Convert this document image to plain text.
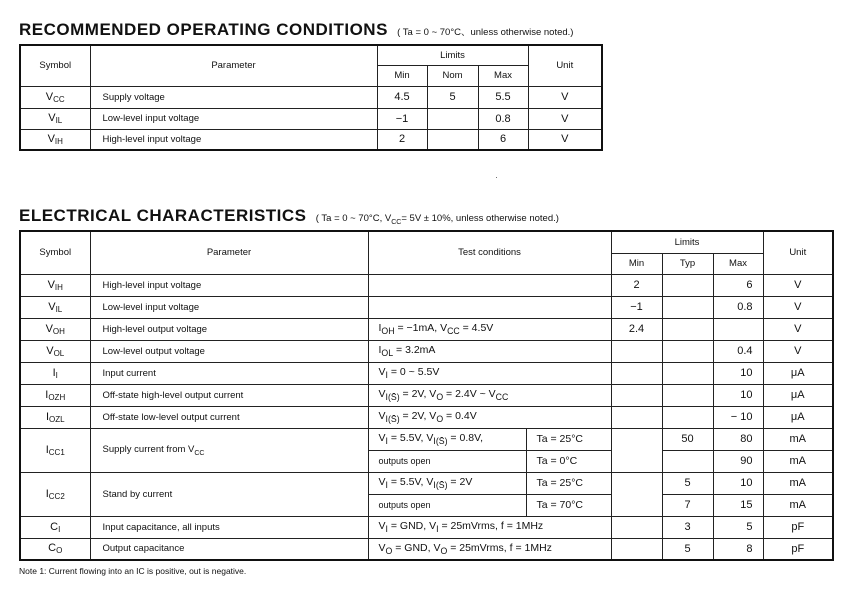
RECOMMENDED OPERATING CONDITIONS ( Ta = 0 ~ 70°C、unless otherwise noted.)
Symbol	Parameter	Limits			Unit
		Min	Nom	Max	
$V_{CC}$	Supply voltage	4.5	5	5.5	V
$V_{IL}$	Low-level input voltage	−1		0.8	V
$V_{IH}$	High-level input voltage	2		6	V
·
ELECTRICAL CHARACTERISTICS ( Ta = 0 ~ 70°C, $V_{CC}= 5V \pm 10\%$, unless otherwise noted.)
Symbol	Parameter	Test conditions		Limits			Unit
				Min	Typ	Max	
$V_{IH}$	High-level input voltage			2		6	V
$V_{IL}$	Low-level input voltage			−1		0.8	V
$V_{OH}$	High-level output voltage	$I_{OH} = -1mA$, $V_{CC} = 4.5V$		2.4			V
$V_{OL}$	Low-level output voltage	$I_{OL} = 3.2mA$				0.4	V
$I_I$	Input current	$V_I = 0$ ~ 5.5V				10	μA
$I_{OZH}$	Off-state high-level output current	$V_{I(S̄)} = 2V$, $V_O = 2.4V$ ~ $V_{CC}$				10	μA
$I_{OZL}$	Off-state low-level output current	$V_{I(S̄)} = 2V$, $V_O = 0.4V$				− 10	μA
$I_{CC1}$	Supply current from $V_{CC}$	$V_I = 5.5V$, $V_{I(S̄)} = 0.8V$,	Ta = 25°C		50	80	mA
		outputs open	Ta = 0°C			90	mA
$I_{CC2}$	Stand by current	$V_I = 5.5V$, $V_{I(S̄)} = 2V$	Ta = 25°C		5	10	mA
		outputs open	Ta = 70°C		7	15	mA
$C_I$	Input capacitance, all inputs	$V_I$ = GND, $V_I$ = 25mVrms, f = 1MHz			3	5	pF
$C_O$	Output capacitance	$V_O$ = GND, $V_O$ = 25mVrms, f = 1MHz			5	8	pF
Note 1: Current flowing into an IC is positive, out is negative.
